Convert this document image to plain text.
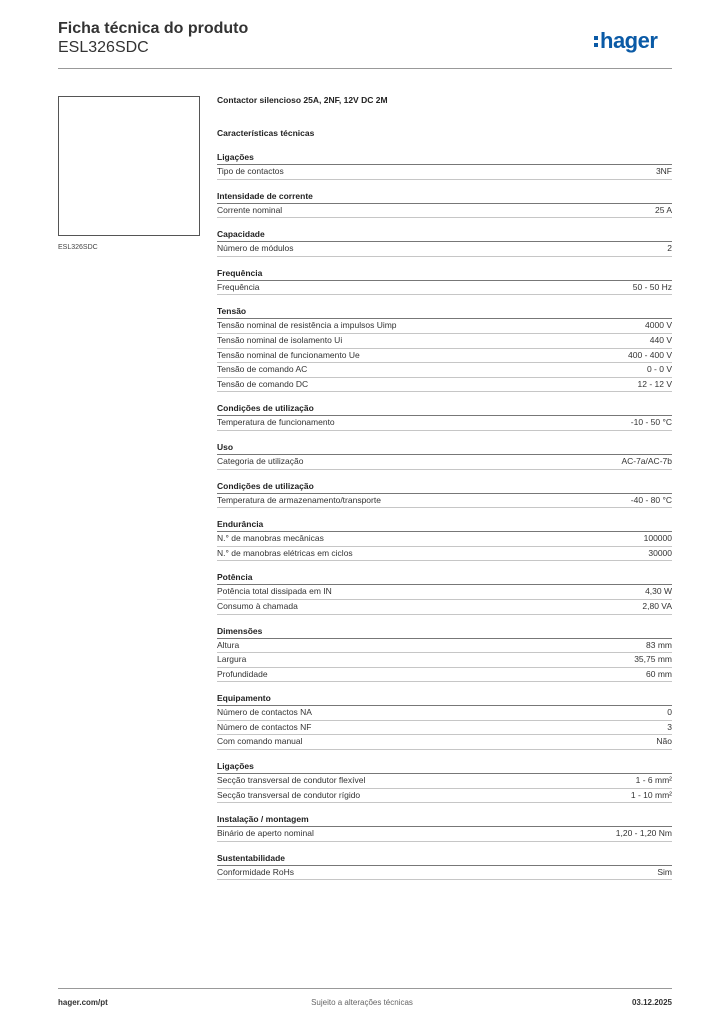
Ficha técnica do produto
ESL326SDC	hager
ESL326SDC
Contactor silencioso 25A, 2NF, 12V DC 2M
Características técnicas
Ligações
Tipo de contactos	3NF
Intensidade de corrente
Corrente nominal	25 A
Capacidade
Número de módulos	2
Frequência
Frequência	50 - 50 Hz
Tensão
Tensão nominal de resistência a impulsos Uimp	4000 V
Tensão nominal de isolamento Ui	440 V
Tensão nominal de funcionamento Ue	400 - 400 V
Tensão de comando AC	0 - 0 V
Tensão de comando DC	12 - 12 V
Condições de utilização
Temperatura de funcionamento	-10 - 50 °C
Uso
Categoria de utilização	AC-7a/AC-7b
Condições de utilização
Temperatura de armazenamento/transporte	-40 - 80 °C
Endurância
N.° de manobras mecânicas	100000
N.° de manobras elétricas em ciclos	30000
Potência
Potência total dissipada em IN	4,30 W
Consumo à chamada	2,80 VA
Dimensões
Altura	83 mm
Largura	35,75 mm
Profundidade	60 mm
Equipamento
Número de contactos NA	0
Número de contactos NF	3
Com comando manual	Não
Ligações
Secção transversal de condutor flexível	1 - 6 mm²
Secção transversal de condutor rígido	1 - 10 mm²
Instalação / montagem
Binário de aperto nominal	1,20 - 1,20 Nm
Sustentabilidade
Conformidade RoHs	Sim
hager.com/pt	Sujeito a alterações técnicas	03.12.2025
